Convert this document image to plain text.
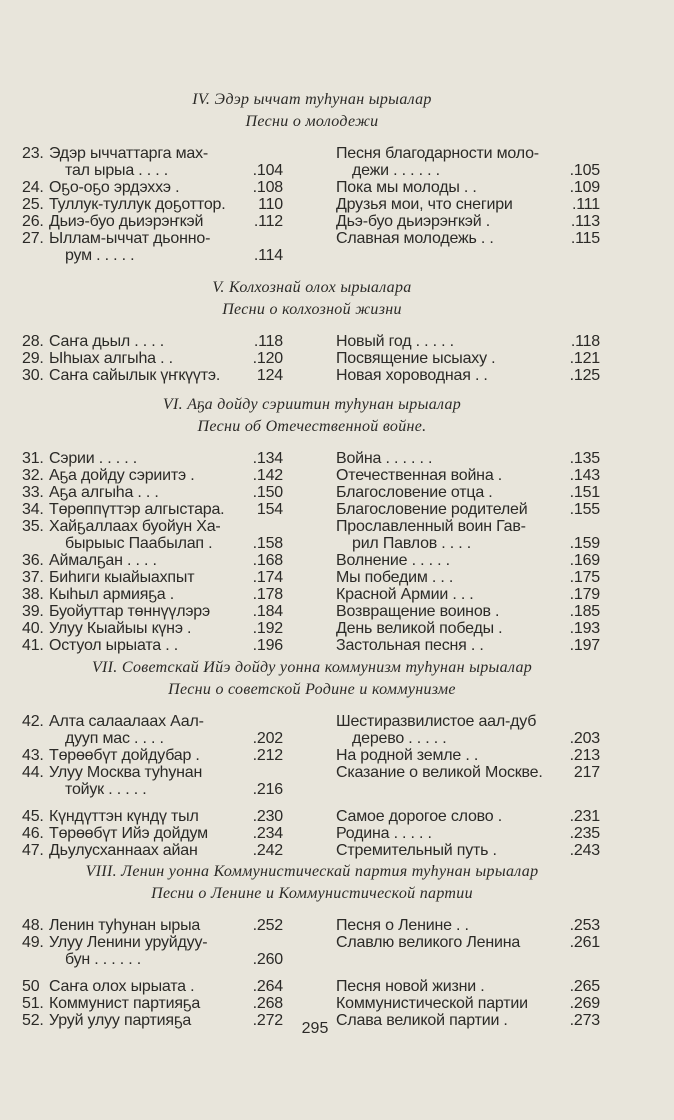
IV. Эдэр ыччат туһунан ырыалар
Песни о молодежи
23. Эдэр ыччаттарга мах-	Песня благодарности моло-
тал ырыа . . . .	.104	дежи . . . . . .	.105
24. Оҕо-оҕо эрдэххэ .	.108	Пока мы молоды . .	.109
25. Туллук-туллук доҕоттор.	110	Друзья мои, что снегири	.111
26. Дьиэ-буо дьиэрэҥкэй	.112	Дьэ-буо дьиэрэҥкэй .	.113
27. Ыллам-ыччат дьонно-	Славная молодежь . .	.115
рум . . . . .	.114
V. Колхознай олох ырыалара
Песни о колхозной жизни
28. Саҥа дьыл . . . .	.118	Новый год . . . . .	.118
29. Ыһыах алгыһа . .	.120	Посвящение ысыаху .	.121
30. Саҥа сайылык үҥкүүтэ.	124	Новая хороводная . .	.125
VI. Аҕа дойду сэриитин туһунан ырыалар
Песни об Отечественной войне.
31. Сэрии . . . . .	.134	Война . . . . . .	.135
32. Аҕа дойду сэриитэ .	.142	Отечественная война .	.143
33. Аҕа алгыһа . . .	.150	Благословение отца .	.151
34. Төрөппүттэр алгыстара.	154	Благословение родителей	.155
35. Хайҕаллаах буойун Ха-	Прославленный воин Гав-
бырыыс Паабылап .	.158	рил Павлов . . . .	.159
36. Аймалҕан . . . .	.168	Волнение . . . . .	.169
37. Биһиги кыайыахпыт	.174	Мы победим . . .	.175
38. Кыһыл армияҕа .	.178	Красной Армии . . .	.179
39. Буойуттар төннүүлэрэ	.184	Возвращение воинов .	.185
40. Улуу Кыайыы күнэ .	.192	День великой победы .	.193
41. Остуол ырыата . .	.196	Застольная песня . .	.197
VII. Советскай Ийэ дойду уонна коммунизм туһунан ырыалар
Песни о советской Родине и коммунизме
42. Алта салаалаах Аал-	Шестиразвилистое аал-дуб
дууп мас . . . .	.202	дерево . . . . .	.203
43. Төрөөбүт дойдубар .	.212	На родной земле . .	.213
44. Улуу Москва туһунан	Сказание о великой Москве.	217
тойук . . . . .	.216
45. Күндүттэн күндү тыл	.230	Самое дорогое слово .	.231
46. Төрөөбүт Ийэ дойдум	.234	Родина . . . . .	.235
47. Дьулусханнаах айан	.242	Стремительный путь .	.243
VIII. Ленин уонна Коммунистическай партия туһунан ырыалар
Песни о Ленине и Коммунистической партии
48. Ленин туһунан ырыа	.252	Песня о Ленине . .	.253
49. Улуу Ленини уруйдуу-	Славлю великого Ленина	.261
бун . . . . . .	.260
50 Саҥа олох ырыата .	.264	Песня новой жизни .	.265
51. Коммунист партияҕа	.268	Коммунистической партии	.269
52. Уруй улуу партияҕа	.272	Слава великой партии .	.273
295
